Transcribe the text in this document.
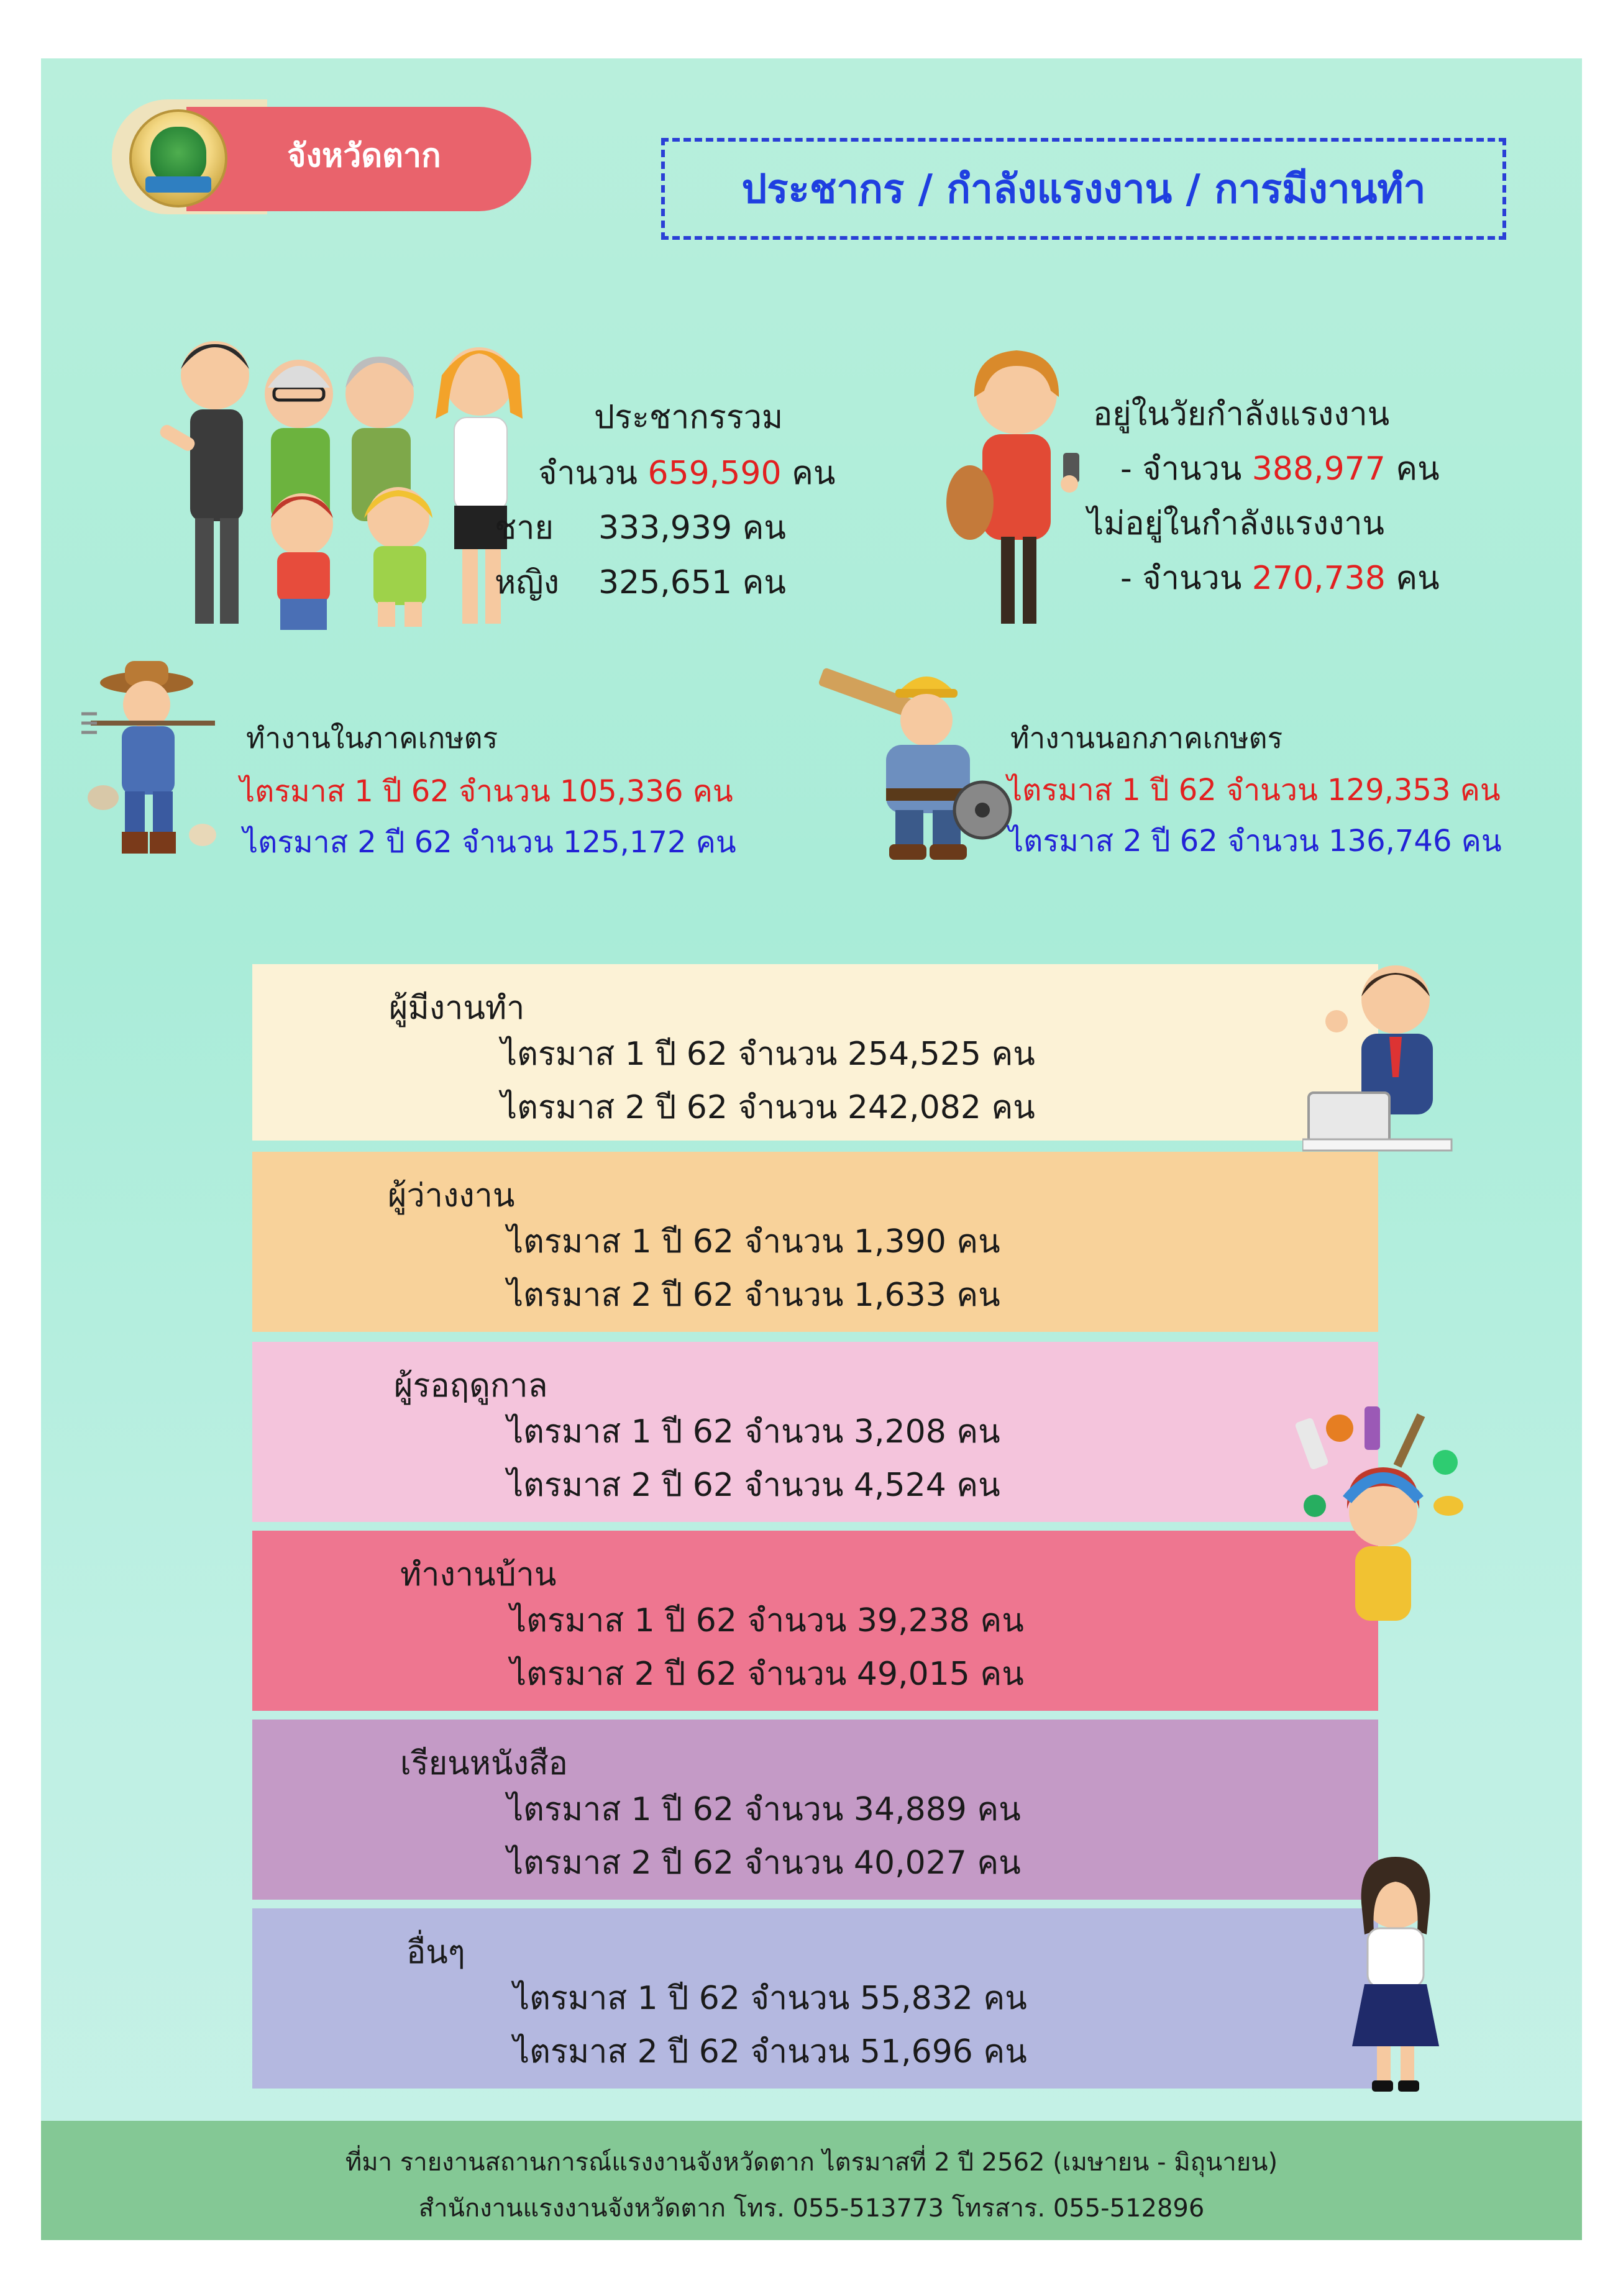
จังหวัดตาก
ประชากร / กำลังแรงงาน / การมีงานทำ
ประชากรรวม
จำนวน 659,590 คน
ชาย 333,939 คน
หญิง 325,651 คน
อยู่ในวัยกำลังแรงงาน
- จำนวน 388,977 คน
ไม่อยู่ในกำลังแรงงาน
- จำนวน 270,738 คน
ทำงานในภาคเกษตร
ไตรมาส 1 ปี 62 จำนวน 105,336 คน
ไตรมาส 2 ปี 62 จำนวน 125,172 คน
ทำงานนอกภาคเกษตร
ไตรมาส 1 ปี 62 จำนวน 129,353 คน
ไตรมาส 2 ปี 62 จำนวน 136,746 คน
ผู้มีงานทำ
ไตรมาส 1 ปี 62 จำนวน 254,525 คน
ไตรมาส 2 ปี 62 จำนวน 242,082 คน
ผู้ว่างงาน
ไตรมาส 1 ปี 62 จำนวน 1,390 คน
ไตรมาส 2 ปี 62 จำนวน 1,633 คน
ผู้รอฤดูกาล
ไตรมาส 1 ปี 62 จำนวน 3,208 คน
ไตรมาส 2 ปี 62 จำนวน 4,524 คน
ทำงานบ้าน
ไตรมาส 1 ปี 62 จำนวน 39,238 คน
ไตรมาส 2 ปี 62 จำนวน 49,015 คน
เรียนหนังสือ
ไตรมาส 1 ปี 62 จำนวน 34,889 คน
ไตรมาส 2 ปี 62 จำนวน 40,027 คน
อื่นๆ
ไตรมาส 1 ปี 62 จำนวน 55,832 คน
ไตรมาส 2 ปี 62 จำนวน 51,696 คน
ที่มา รายงานสถานการณ์แรงงานจังหวัดตาก ไตรมาสที่ 2 ปี 2562 (เมษายน - มิถุนายน)
สำนักงานแรงงานจังหวัดตาก โทร. 055-513773 โทรสาร. 055-512896
